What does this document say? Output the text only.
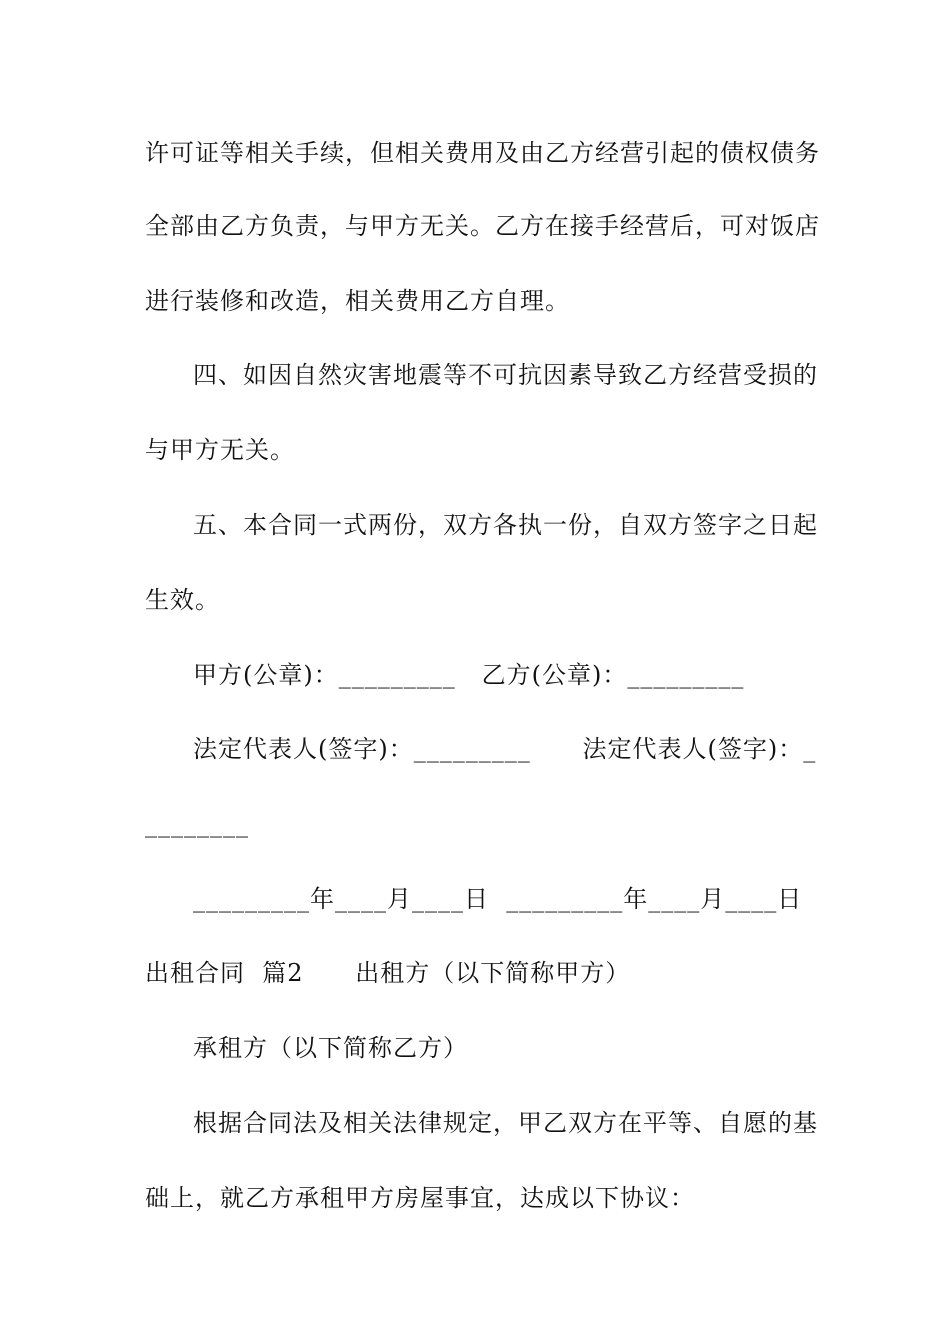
许可证等相关手续，但相关费用及由乙方经营引起的债权债务
全部由乙方负责，与甲方无关。乙方在接手经营后，可对饭店
进行装修和改造，相关费用乙方自理。
四、如因自然灾害地震等不可抗因素导致乙方经营受损的
与甲方无关。
五、本合同一式两份，双方各执一份，自双方签字之日起
生效。
甲方(公章)：_________   乙方(公章)：_________
法定代表人(签字)：_________      法定代表人(签字)：_
________
_________年____月____日  _________年____月____日
出租合同  篇2      出租方（以下简称甲方）
承租方（以下简称乙方）
根据合同法及相关法律规定，甲乙双方在平等、自愿的基
础上，就乙方承租甲方房屋事宜，达成以下协议：
